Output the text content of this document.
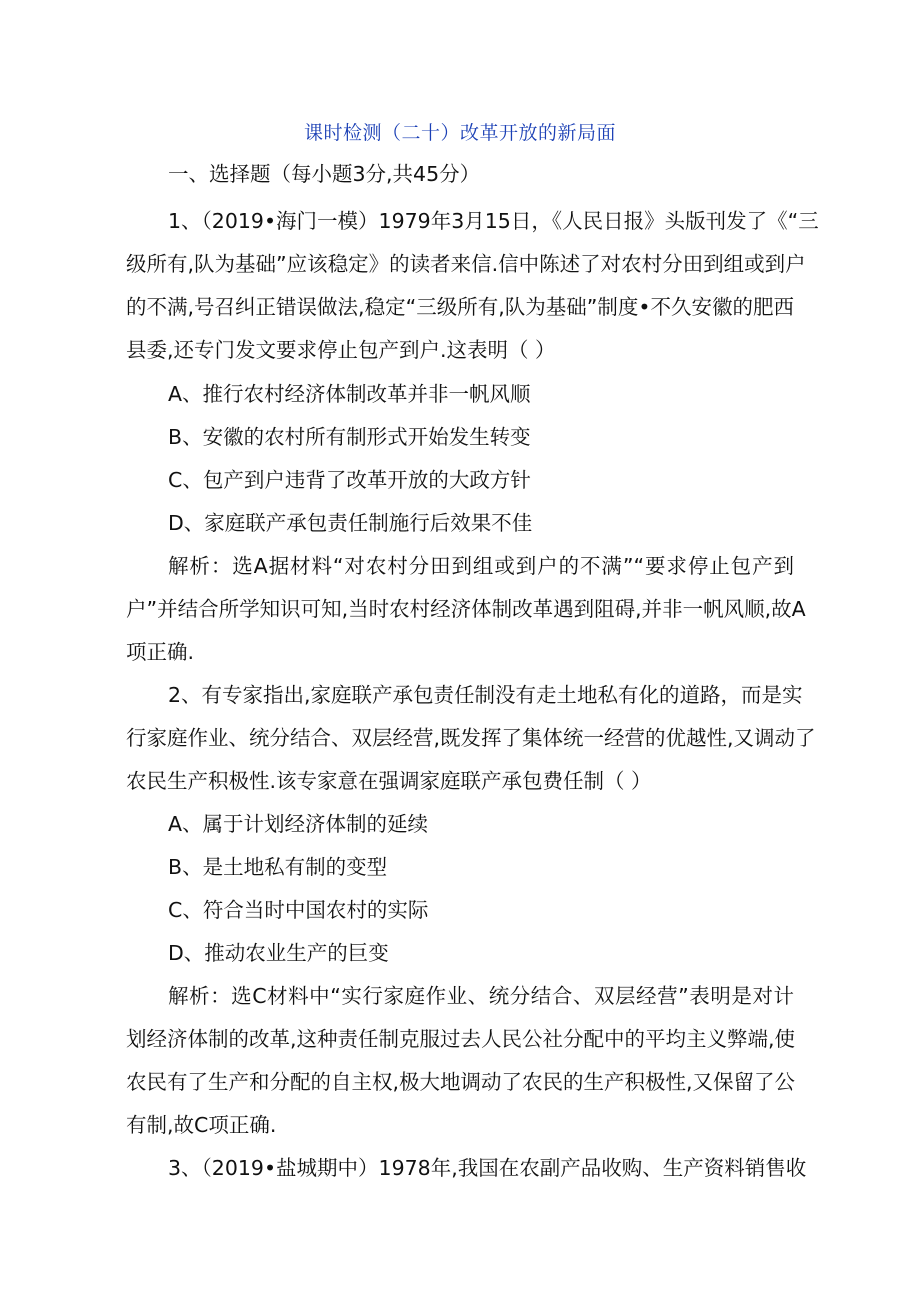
课时检测（二十）改革开放的新局面
一、选择题（每小题3分,共45分）
1、（2019•海门一模）1979年3月15日，《人民日报》头版刊发了《“三
级所有,队为基础”应该稳定》的读者来信.信中陈述了对农村分田到组或到户
的不满,号召纠正错误做法,稳定“三级所有,队为基础”制度•不久安徽的肥西
县委,还专门发文要求停止包产到户.这表明（ ）
A、推行农村经济体制改革并非一帆风顺
B、安徽的农村所有制形式开始发生转变
C、包产到户违背了改革开放的大政方针
D、家庭联产承包责任制施行后效果不佳
解析：选A据材料“对农村分田到组或到户的不满”“要求停止包产到
户”并结合所学知识可知,当时农村经济体制改革遇到阻碍,并非一帆风顺,故A
项正确.
2、有专家指出,家庭联产承包责任制没有走土地私有化的道路，而是实
行家庭作业、统分结合、双层经营,既发挥了集体统一经营的优越性,又调动了
农民生产积极性.该专家意在强调家庭联产承包费任制（ ）
A、属于计划经济体制的延续
B、是土地私有制的变型
C、符合当时中国农村的实际
D、推动农业生产的巨变
解析：选C材料中“实行家庭作业、统分结合、双层经营”表明是对计
划经济体制的改革,这种责任制克服过去人民公社分配中的平均主义弊端,使
农民有了生产和分配的自主权,极大地调动了农民的生产积极性,又保留了公
有制,故C项正确.
3、（2019•盐城期中）1978年,我国在农副产品收购、生产资料销售收
